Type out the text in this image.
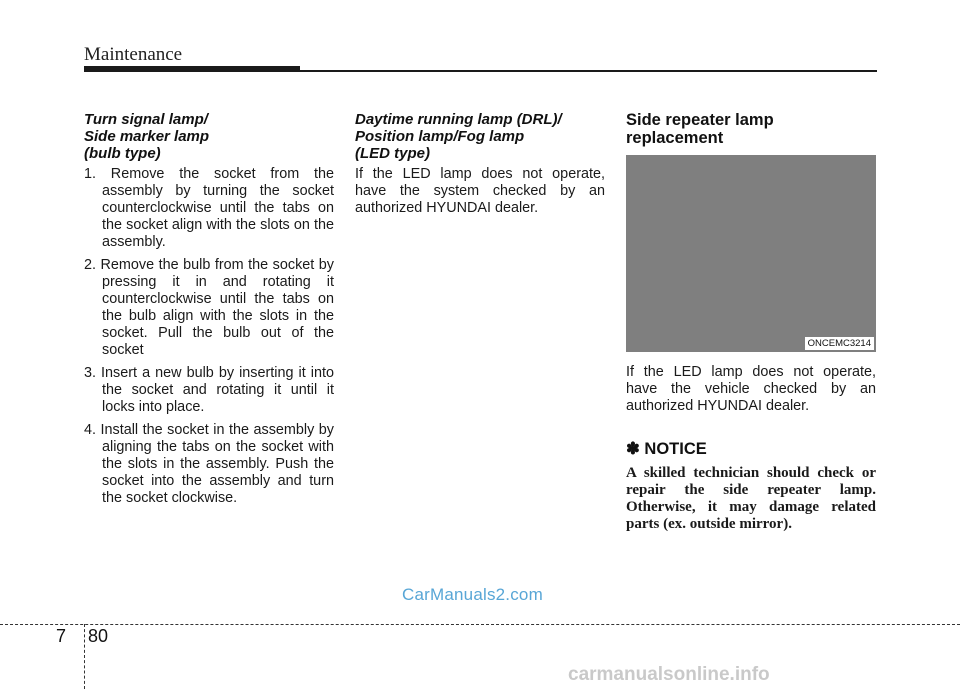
Maintenance
Turn signal lamp/
Side marker lamp
(bulb type)
1. Remove the socket from the assembly by turning the socket counterclockwise until the tabs on the socket align with the slots on the assembly.
2. Remove the bulb from the socket by pressing it in and rotating it counterclockwise until the tabs on the bulb align with the slots in the socket. Pull the bulb out of the socket
3. Insert a new bulb by inserting it into the socket and rotating it until it locks into place.
4. Install the socket in the assembly by aligning the tabs on the socket with the slots in the assembly. Push the socket into the assembly and turn the socket clockwise.
Daytime running lamp (DRL)/
Position lamp/Fog lamp
(LED type)

If the LED lamp does not operate, have the system checked by an authorized HYUNDAI dealer.

Side repeater lamp
replacement
ONCEMC3214

If the LED lamp does not operate, have the vehicle checked by an authorized HYUNDAI dealer.

✽ NOTICE

A skilled technician should check or repair the side repeater lamp. Otherwise, it may damage related parts (ex. outside mirror).

CarManuals2.com
7 80
carmanualsonline.info
